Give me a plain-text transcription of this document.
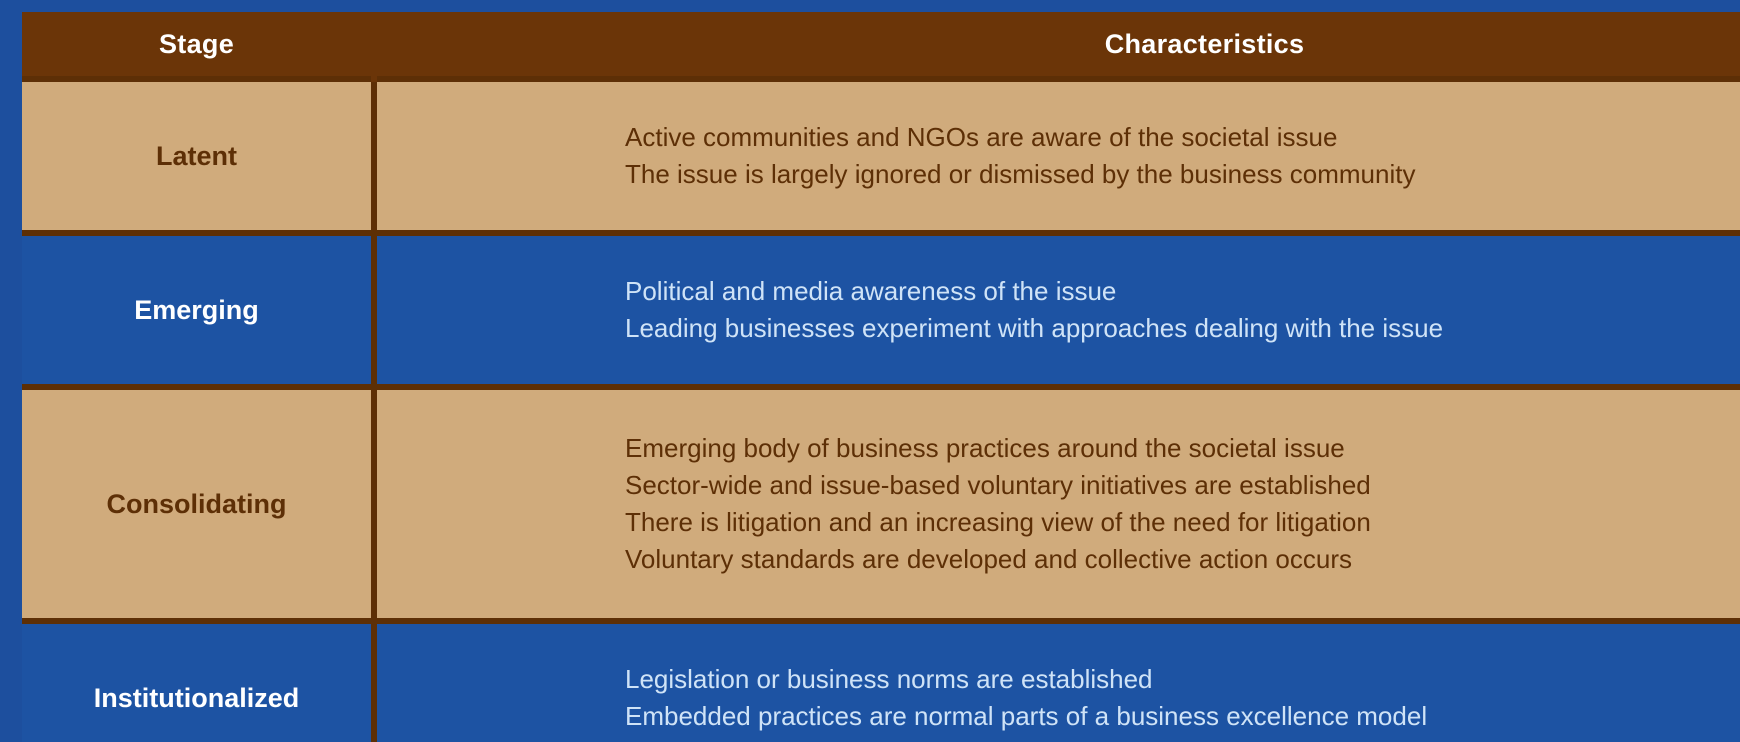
Stage	Characteristics
Latent	Active communities and NGOs are aware of the societal issue
The issue is largely ignored or dismissed by the business community

Emerging	Political and media awareness of the issue
Leading businesses experiment with approaches dealing with the issue

Consolidating	Emerging body of business practices around the societal issue
Sector-wide and issue-based voluntary initiatives are established
There is litigation and an increasing view of the need for litigation
Voluntary standards are developed and collective action occurs

Institutionalized	Legislation or business norms are established
Embedded practices are normal parts of a business excellence model
